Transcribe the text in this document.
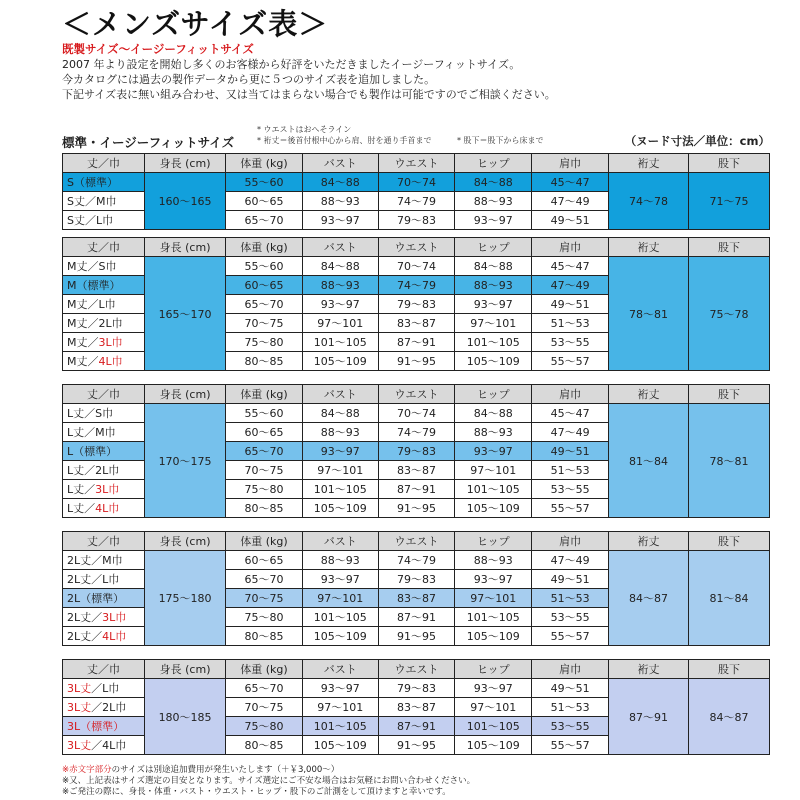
＜メンズサイズ表＞
既製サイズ〜イージーフィットサイズ
2007 年より設定を開始し多くのお客様から好評をいただきましたイージーフィットサイズ。
今カタログには過去の製作データから更に５つのサイズ表を追加しました。
下記サイズ表に無い組み合わせ、又は当てはまらない場合でも製作は可能ですのでご相談ください。
標準・イージーフィットサイズ
* ウエストはおへそライン
* 裄丈＝後首付根中心から肩、肘を通り手首まで	* 股下＝股下から床まで	（ヌード寸法／単位：cm）
丈／巾	身長 (cm)	体重 (kg)	バスト	ウエスト	ヒップ	肩巾	裄丈	股下
S（標準）	160〜165	55〜60	84〜88	70〜74	84〜88	45〜47	74〜78	71〜75
S丈／M巾		60〜65	88〜93	74〜79	88〜93	47〜49		
S丈／L巾		65〜70	93〜97	79〜83	93〜97	49〜51		
丈／巾	身長 (cm)	体重 (kg)	バスト	ウエスト	ヒップ	肩巾	裄丈	股下
M丈／S巾	165〜170	55〜60	84〜88	70〜74	84〜88	45〜47	78〜81	75〜78
M（標準）		60〜65	88〜93	74〜79	88〜93	47〜49		
M丈／L巾		65〜70	93〜97	79〜83	93〜97	49〜51		
M丈／2L巾		70〜75	97〜101	83〜87	97〜101	51〜53		
M丈／3L巾		75〜80	101〜105	87〜91	101〜105	53〜55		
M丈／4L巾		80〜85	105〜109	91〜95	105〜109	55〜57		
丈／巾	身長 (cm)	体重 (kg)	バスト	ウエスト	ヒップ	肩巾	裄丈	股下
L丈／S巾	170〜175	55〜60	84〜88	70〜74	84〜88	45〜47	81〜84	78〜81
L丈／M巾		60〜65	88〜93	74〜79	88〜93	47〜49		
L（標準）		65〜70	93〜97	79〜83	93〜97	49〜51		
L丈／2L巾		70〜75	97〜101	83〜87	97〜101	51〜53		
L丈／3L巾		75〜80	101〜105	87〜91	101〜105	53〜55		
L丈／4L巾		80〜85	105〜109	91〜95	105〜109	55〜57		
丈／巾	身長 (cm)	体重 (kg)	バスト	ウエスト	ヒップ	肩巾	裄丈	股下
2L丈／M巾	175〜180	60〜65	88〜93	74〜79	88〜93	47〜49	84〜87	81〜84
2L丈／L巾		65〜70	93〜97	79〜83	93〜97	49〜51		
2L（標準）		70〜75	97〜101	83〜87	97〜101	51〜53		
2L丈／3L巾		75〜80	101〜105	87〜91	101〜105	53〜55		
2L丈／4L巾		80〜85	105〜109	91〜95	105〜109	55〜57		
丈／巾	身長 (cm)	体重 (kg)	バスト	ウエスト	ヒップ	肩巾	裄丈	股下
3L丈／L巾	180〜185	65〜70	93〜97	79〜83	93〜97	49〜51	87〜91	84〜87
3L丈／2L巾		70〜75	97〜101	83〜87	97〜101	51〜53		
3L（標準）		75〜80	101〜105	87〜91	101〜105	53〜55		
3L丈／4L巾		80〜85	105〜109	91〜95	105〜109	55〜57		
※赤文字部分のサイズは別途追加費用が発生いたします（＋￥3,000〜）
※又、上記表はサイズ選定の目安となります。サイズ選定にご不安な場合はお気軽にお問い合わせください。
※ご発注の際に、身長・体重・バスト・ウエスト・ヒップ・股下のご計測をして頂けますと幸いです。
